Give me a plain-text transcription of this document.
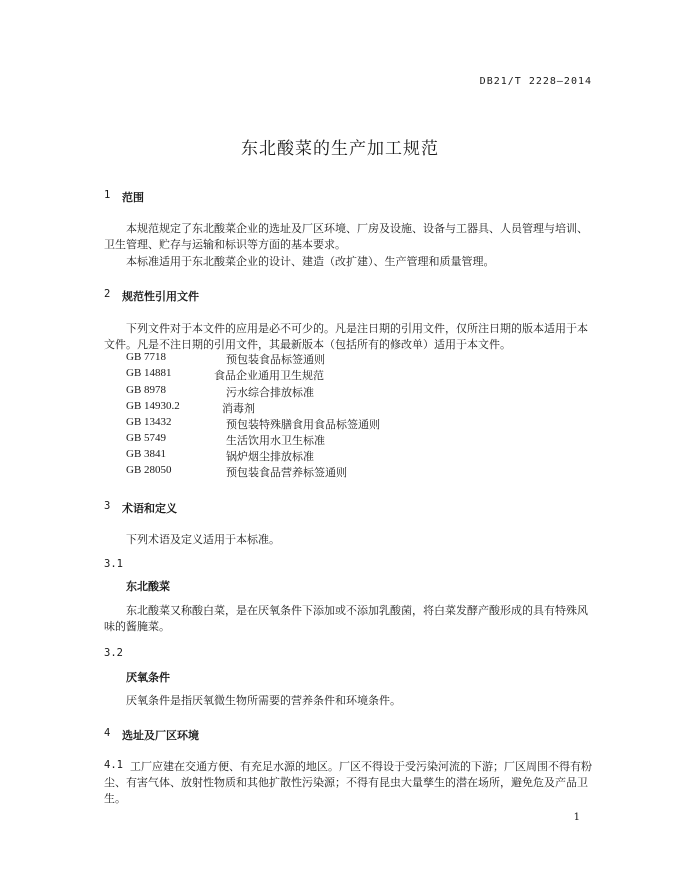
DB21/T 2228—2014
东北酸菜的生产加工规范
1 范围
本规范规定了东北酸菜企业的选址及厂区环境、厂房及设施、设备与工器具、人员管理与培训、卫生管理、贮存与运输和标识等方面的基本要求。
本标准适用于东北酸菜企业的设计、建造（改扩建）、生产管理和质量管理。
2 规范性引用文件
下列文件对于本文件的应用是必不可少的。凡是注日期的引用文件，仅所注日期的版本适用于本文件。凡是不注日期的引用文件，其最新版本（包括所有的修改单）适用于本文件。
GB 7718	预包装食品标签通则
GB 14881	食品企业通用卫生规范
GB 8978	污水综合排放标准
GB 14930.2	消毒剂
GB 13432	预包装特殊膳食用食品标签通则
GB 5749	生活饮用水卫生标准
GB 3841	锅炉烟尘排放标准
GB 28050	预包装食品营养标签通则
3 术语和定义
下列术语及定义适用于本标准。
3.1
东北酸菜
东北酸菜又称酸白菜，是在厌氧条件下添加或不添加乳酸菌，将白菜发酵产酸形成的具有特殊风味的酱腌菜。
3.2
厌氧条件
厌氧条件是指厌氧微生物所需要的营养条件和环境条件。
4 选址及厂区环境
4.1 工厂应建在交通方便、有充足水源的地区。厂区不得设于受污染河流的下游；厂区周围不得有粉尘、有害气体、放射性物质和其他扩散性污染源；不得有昆虫大量孳生的潜在场所，避免危及产品卫生。
1
